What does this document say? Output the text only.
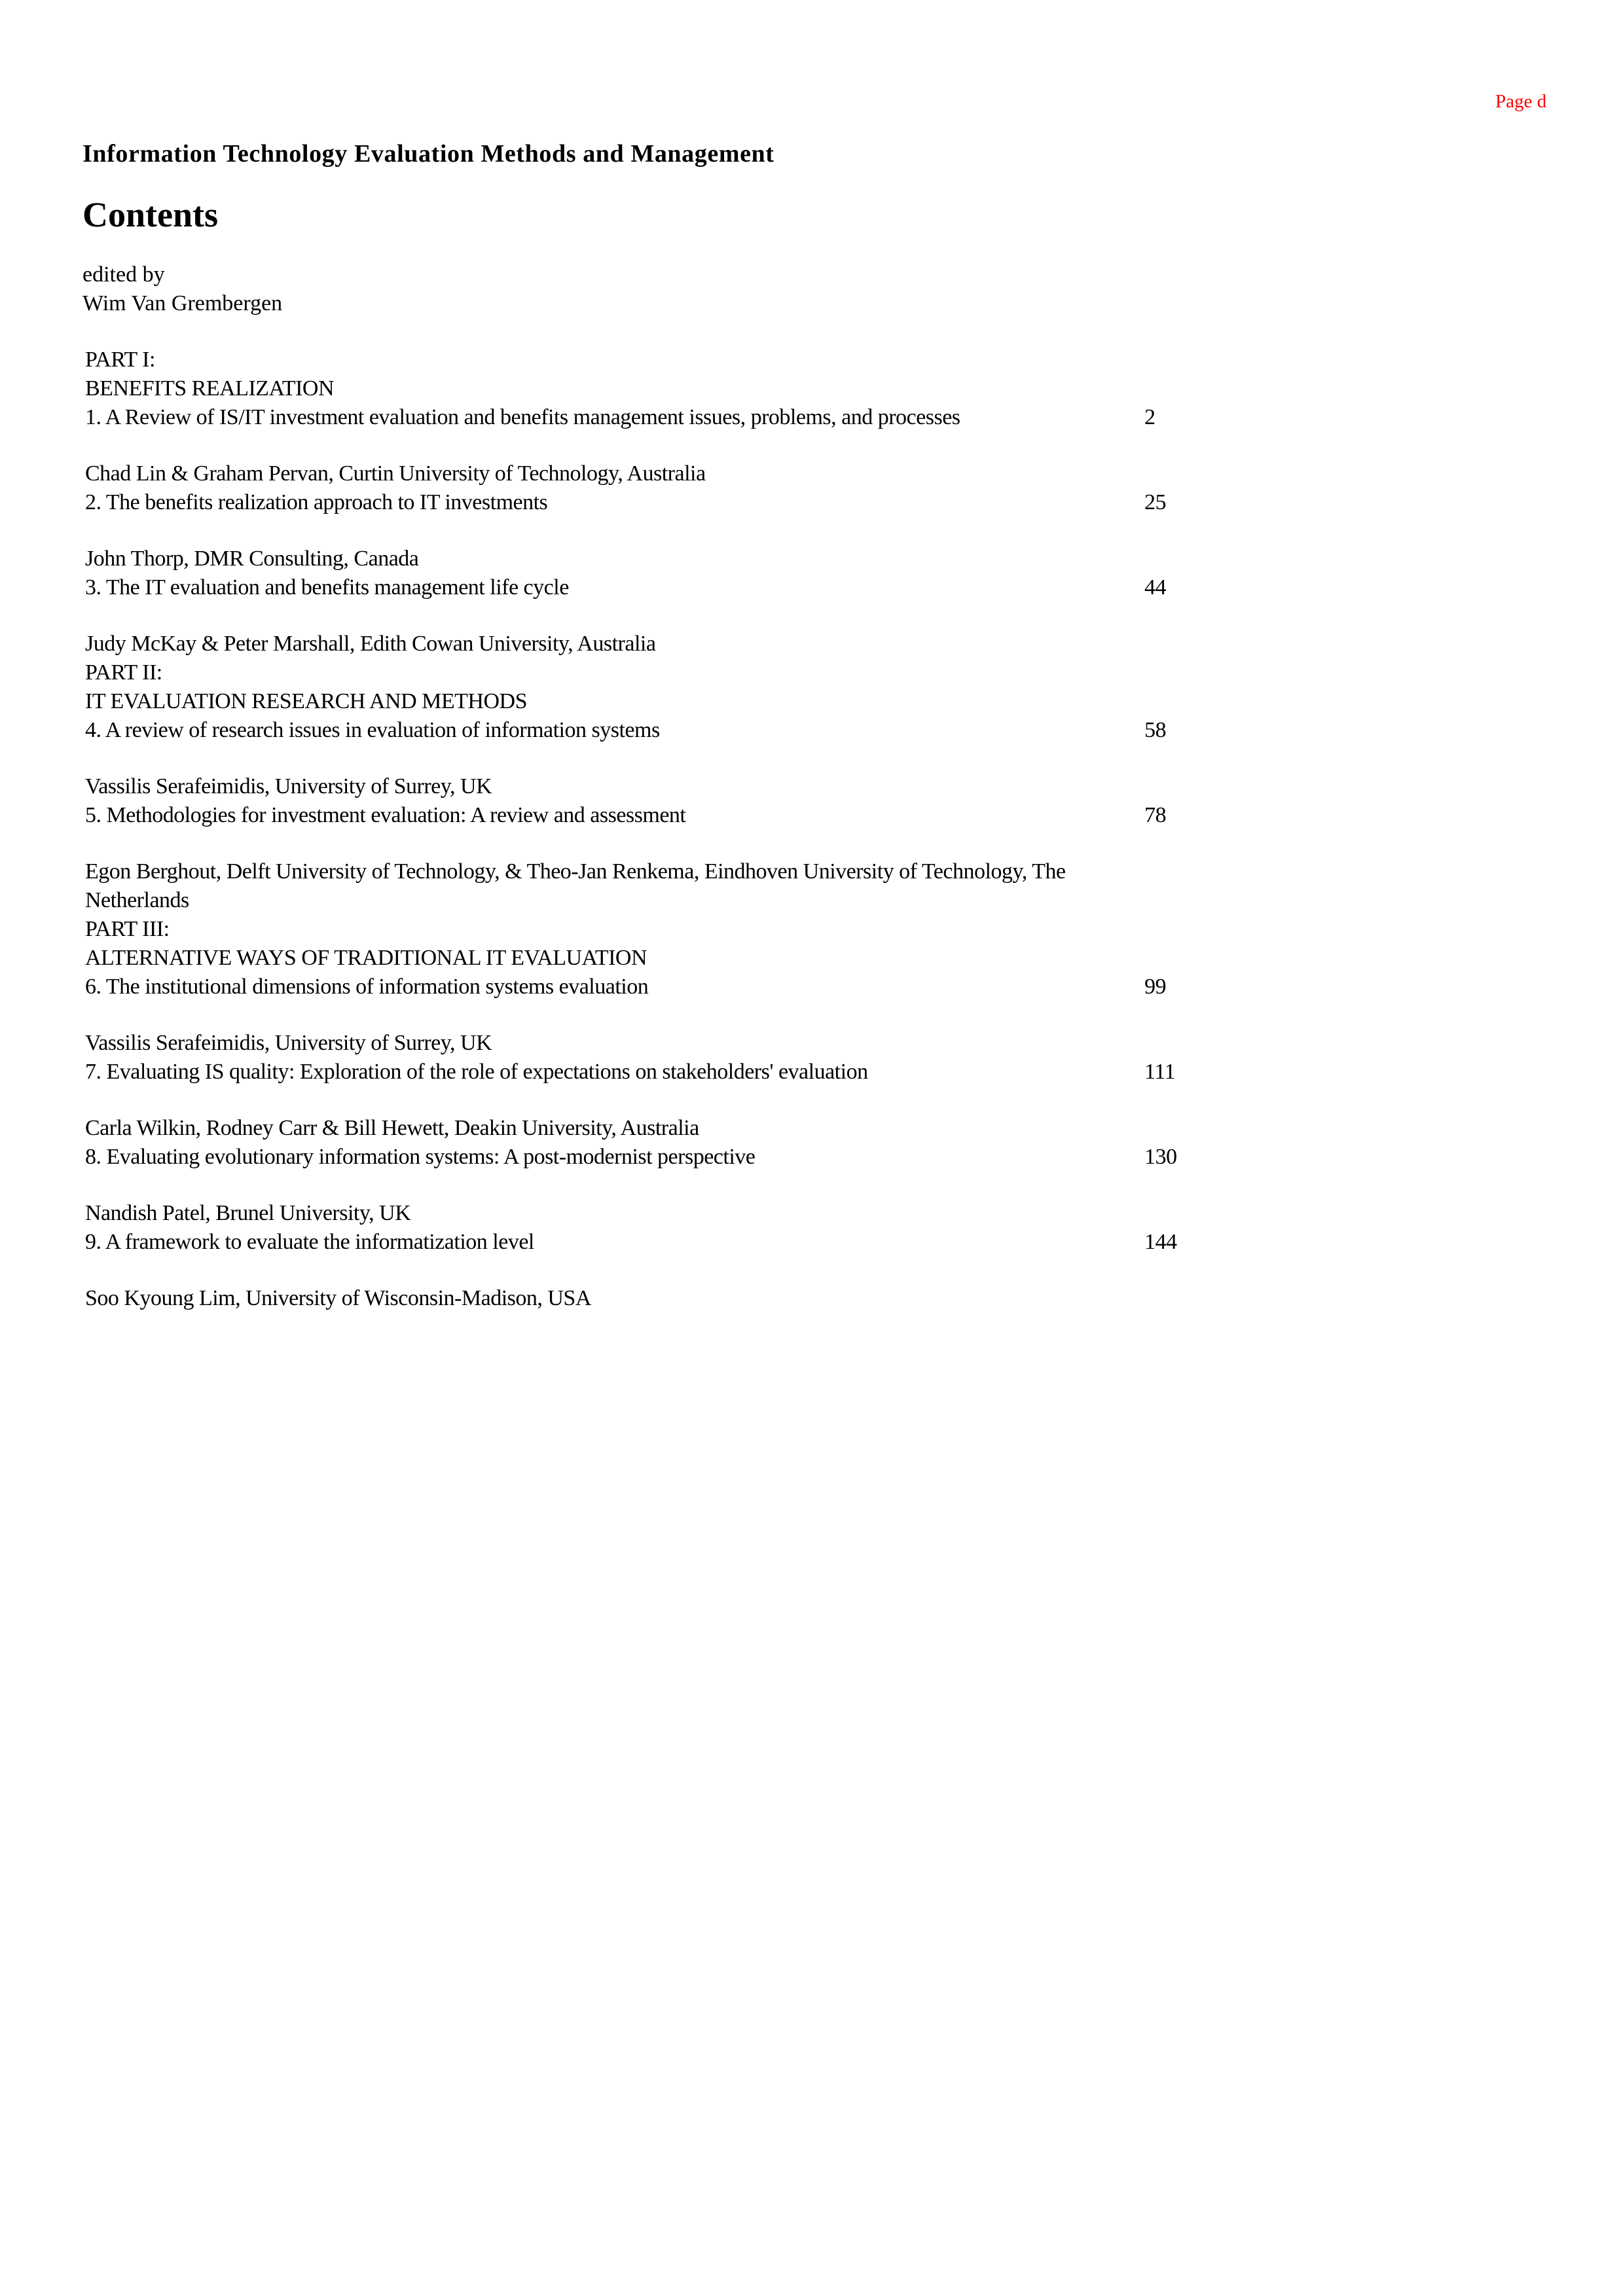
Page d
Information Technology Evaluation Methods and Management
Contents
edited by
Wim Van Grembergen
PART I:
BENEFITS REALIZATION
1. A Review of IS/IT investment evaluation and benefits management issues, problems, and processes	2
Chad Lin & Graham Pervan, Curtin University of Technology, Australia
2. The benefits realization approach to IT investments	25
John Thorp, DMR Consulting, Canada
3. The IT evaluation and benefits management life cycle	44
Judy McKay & Peter Marshall, Edith Cowan University, Australia
PART II:
IT EVALUATION RESEARCH AND METHODS
4. A review of research issues in evaluation of information systems	58
Vassilis Serafeimidis, University of Surrey, UK
5. Methodologies for investment evaluation: A review and assessment	78
Egon Berghout, Delft University of Technology, & Theo-Jan Renkema, Eindhoven University of Technology, The Netherlands
PART III:
ALTERNATIVE WAYS OF TRADITIONAL IT EVALUATION
6. The institutional dimensions of information systems evaluation	99
Vassilis Serafeimidis, University of Surrey, UK
7. Evaluating IS quality: Exploration of the role of expectations on stakeholders' evaluation	111
Carla Wilkin, Rodney Carr & Bill Hewett, Deakin University, Australia
8. Evaluating evolutionary information systems: A post-modernist perspective	130
Nandish Patel, Brunel University, UK
9. A framework to evaluate the informatization level	144
Soo Kyoung Lim, University of Wisconsin-Madison, USA
